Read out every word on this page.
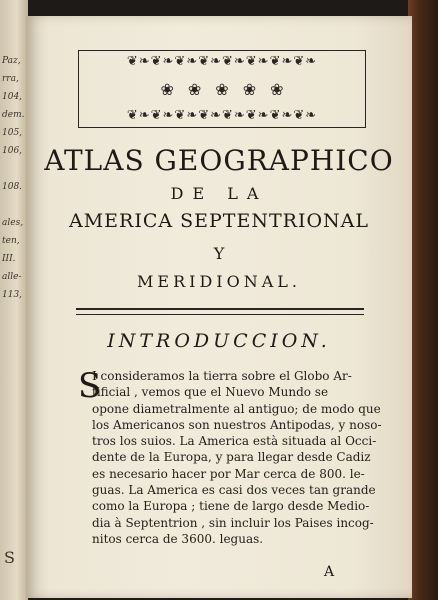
Paz,
rra,
104,
dem.
105,
106,
108.
ales,
ten,
III.
alle-
113,
S
❦❧❦❧❦❧❦❧❦❧❦❧❦❧❦❧
❀ ❀ ❀ ❀ ❀
❦❧❦❧❦❧❦❧❦❧❦❧❦❧❦❧
ATLAS GEOGRAPHICO
DE LA
AMERICA SEPTENTRIONAL
Y
MERIDIONAL.
INTRODUCCION.
S
I consideramos la tierra sobre el Globo Ar-
tificial , vemos que el Nuevo Mundo se
opone diametralmente al antiguo; de modo que
los Americanos son nuestros Antipodas, y noso-
tros los suios. La America està situada al Occi-
dente de la Europa, y para llegar desde Cadiz
es necesario hacer por Mar cerca de 800. le-
guas. La America es casi dos veces tan grande
como la Europa ; tiene de largo desde Medio-
dia à Septentrion , sin incluir los Paises incog-
nitos cerca de 3600. leguas.
A
